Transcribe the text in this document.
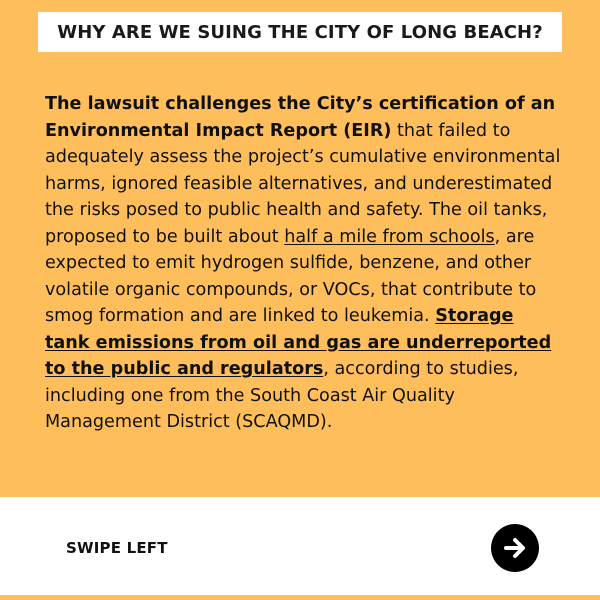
WHY ARE WE SUING THE CITY OF LONG BEACH?

The lawsuit challenges the City’s certification of an Environmental Impact Report (EIR) that failed to adequately assess the project’s cumulative environmental harms, ignored feasible alternatives, and underestimated the risks posed to public health and safety. The oil tanks, proposed to be built about half a mile from schools, are expected to emit hydrogen sulfide, benzene, and other volatile organic compounds, or VOCs, that contribute to smog formation and are linked to leukemia. Storage tank emissions from oil and gas are underreported to the public and regulators, according to studies, including one from the South Coast Air Quality Management District (SCAQMD).

SWIPE LEFT
